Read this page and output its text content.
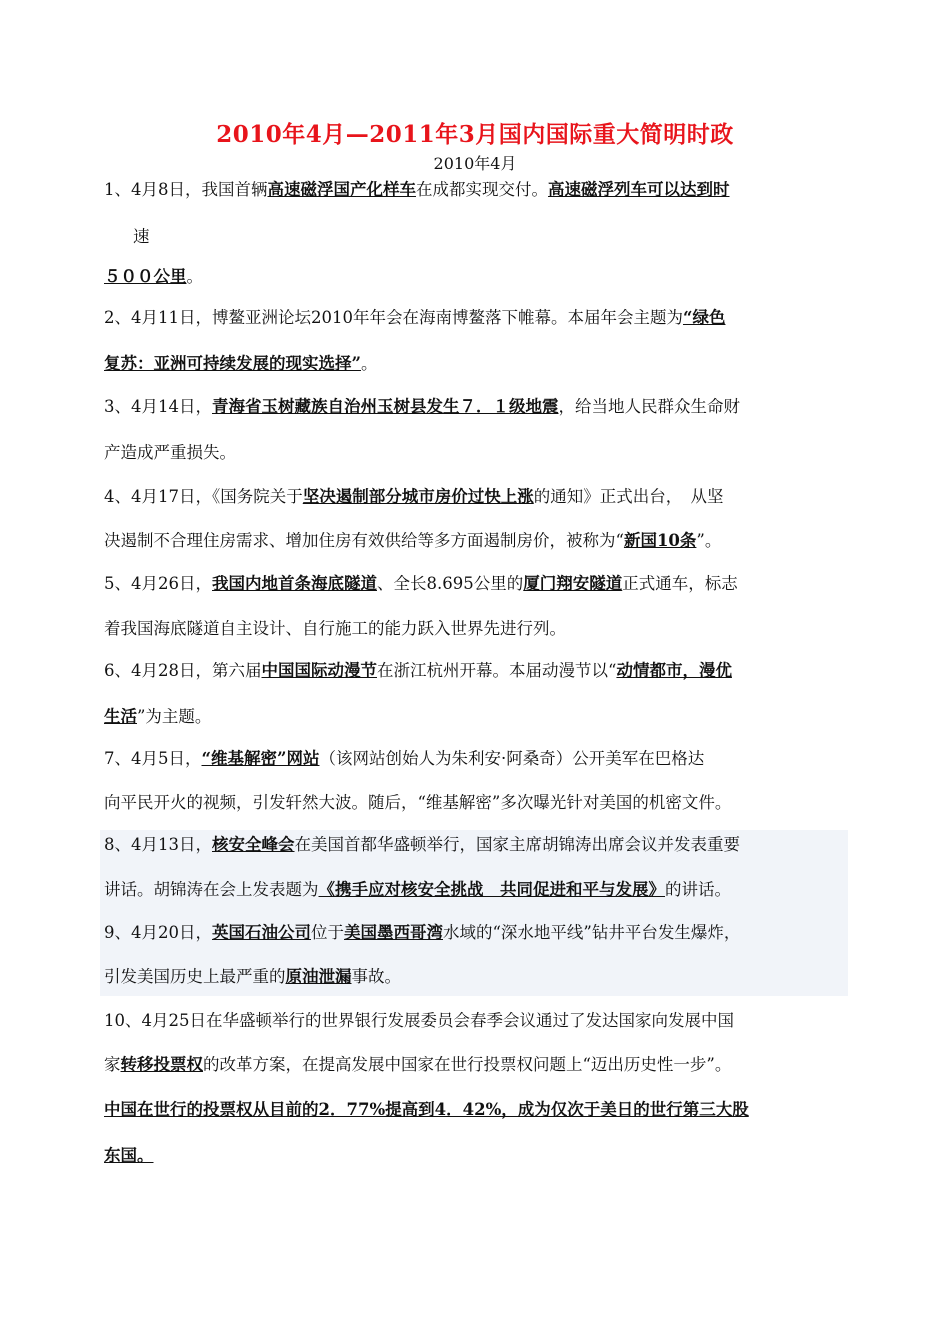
2010年4月—2011年3月国内国际重大简明时政
2010年4月
1、4月8日，我国首辆高速磁浮国产化样车在成都实现交付。高速磁浮列车可以达到时
速
５００公里。
2、4月11日，博鳌亚洲论坛2010年年会在海南博鳌落下帷幕。本届年会主题为“绿色
复苏：亚洲可持续发展的现实选择”。
3、4月14日，青海省玉树藏族自治州玉树县发生７．１级地震，给当地人民群众生命财
产造成严重损失。
4、4月17日，《国务院关于坚决遏制部分城市房价过快上涨的通知》正式出台，　从坚
决遏制不合理住房需求、增加住房有效供给等多方面遏制房价，被称为“新国10条”。
5、4月26日，我国内地首条海底隧道、全长8.695公里的厦门翔安隧道正式通车，标志
着我国海底隧道自主设计、自行施工的能力跃入世界先进行列。
6、4月28日，第六届中国国际动漫节在浙江杭州开幕。本届动漫节以“动情都市，漫优
生活”为主题。
7、4月5日，“维基解密”网站（该网站创始人为朱利安·阿桑奇）公开美军在巴格达
向平民开火的视频，引发轩然大波。随后，“维基解密”多次曝光针对美国的机密文件。
8、4月13日，核安全峰会在美国首都华盛顿举行，国家主席胡锦涛出席会议并发表重要
讲话。胡锦涛在会上发表题为《携手应对核安全挑战　共同促进和平与发展》的讲话。
9、4月20日，英国石油公司位于美国墨西哥湾水域的“深水地平线”钻井平台发生爆炸，
引发美国历史上最严重的原油泄漏事故。
10、4月25日在华盛顿举行的世界银行发展委员会春季会议通过了发达国家向发展中国
家转移投票权的改革方案，在提高发展中国家在世行投票权问题上“迈出历史性一步”。
中国在世行的投票权从目前的2．77%提高到4．42%，成为仅次于美日的世行第三大股
东国。
